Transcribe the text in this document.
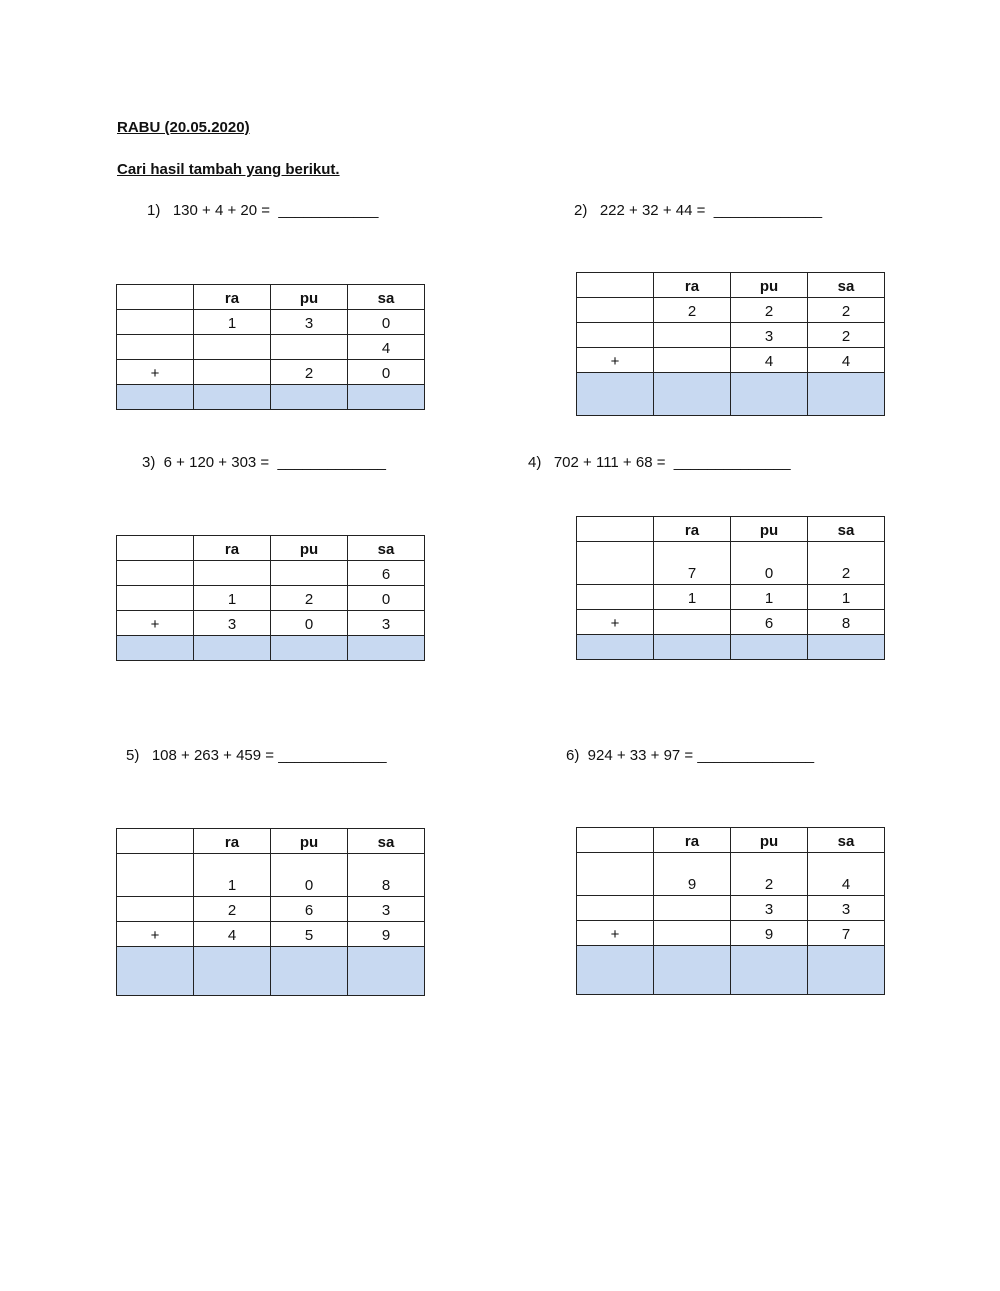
RABU (20.05.2020)
Cari hasil tambah yang berikut.
1)   130 + 4 + 20 =  ____________	2)   222 + 32 + 44 =  _____________
3)  6 + 120 + 303 =  _____________	4)   702 + 111 + 68 =  ______________
5)   108 + 263 + 459 = _____________	6)  924 + 33 + 97 = ______________
	ra	pu	sa
	1	3	0
			4
+		2	0

	ra	pu	sa
	2	2	2
		3	2
+		4	4

	ra	pu	sa
			6
	1	2	0
+	3	0	3

	ra	pu	sa
	7	0	2
	1	1	1
+		6	8

	ra	pu	sa
	1	0	8
	2	6	3
+	4	5	9

	ra	pu	sa
	9	2	4
		3	3
+		9	7
